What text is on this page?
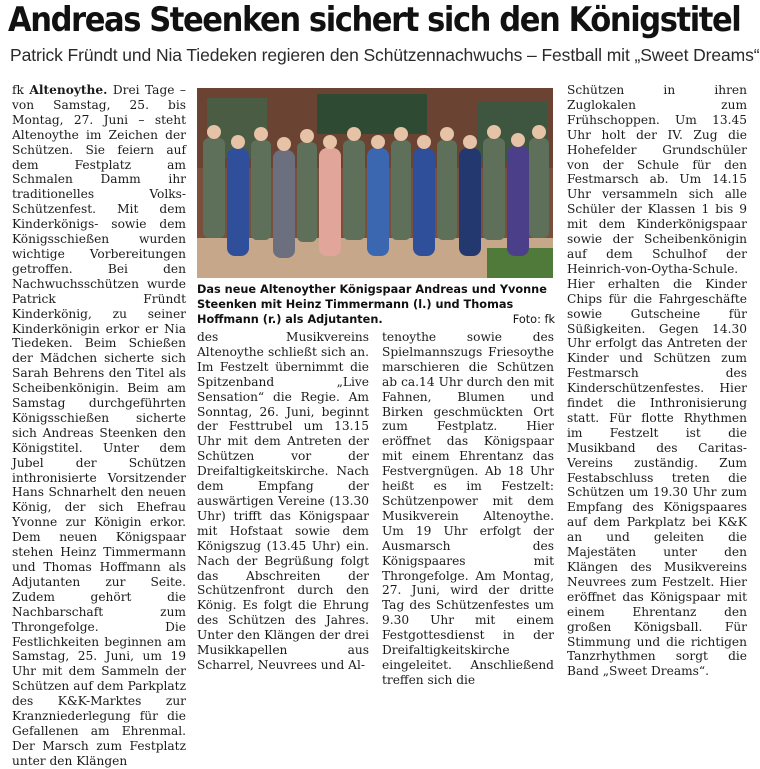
Andreas Steenken sichert sich den Königstitel
Patrick Fründt und Nia Tiedeken regieren den Schützennachwuchs – Festball mit „Sweet Dreams“

fk Altenoythe. Drei Tage – von Samstag, 25. bis Montag, 27. Juni – steht Altenoythe im Zeichen der Schützen. Sie feiern auf dem Festplatz am Schmalen Damm ihr traditionelles Volks-Schützenfest. Mit dem Kinderkönigs- sowie dem Königsschießen wurden wichtige Vorbereitungen getroffen. Bei den Nachwuchsschützen wurde Patrick Fründt Kinderkönig, zu seiner Kinderkönigin erkor er Nia Tiedeken. Beim Schießen der Mädchen sicherte sich Sarah Behrens den Titel als Scheibenkönigin. Beim am Samstag durchgeführten Königsschießen sicherte sich Andreas Steenken den Königstitel. Unter dem Jubel der Schützen inthronisierte Vorsitzender Hans Schnarhelt den neuen König, der sich Ehefrau Yvonne zur Königin erkor. Dem neuen Königspaar stehen Heinz Timmermann und Thomas Hoffmann als Adjutanten zur Seite. Zudem gehört die Nachbarschaft zum Throngefolge. Die Festlichkeiten beginnen am Samstag, 25. Juni, um 19 Uhr mit dem Sammeln der Schützen auf dem Parkplatz des K&K-Marktes zur Kranzniederlegung für die Gefallenen am Ehrenmal. Der Marsch zum Festplatz unter den Klängen

Das neue Altenoyther Königspaar Andreas und Yvonne Steenken mit Heinz Timmermann (l.) und Thomas Hoffmann (r.) als Adjutanten.	Foto: fk

des Musikvereins Altenoythe schließt sich an. Im Festzelt übernimmt die Spitzenband „Live Sensation“ die Regie. Am Sonntag, 26. Juni, beginnt der Festtrubel um 13.15 Uhr mit dem Antreten der Schützen vor der Dreifaltigkeitskirche. Nach dem Empfang der auswärtigen Vereine (13.30 Uhr) trifft das Königspaar mit Hofstaat sowie dem Königszug (13.45 Uhr) ein. Nach der Begrüßung folgt das Abschreiten der Schützenfront durch den König. Es folgt die Ehrung des Schützen des Jahres. Unter den Klängen der drei Musikkapellen aus Scharrel, Neuvrees und Al-

tenoythe sowie des Spielmannszugs Friesoythe marschieren die Schützen ab ca.14 Uhr durch den mit Fahnen, Blumen und Birken geschmückten Ort zum Festplatz. Hier eröffnet das Königspaar mit einem Ehrentanz das Festvergnügen. Ab 18 Uhr heißt es im Festzelt: Schützenpower mit dem Musikverein Altenoythe. Um 19 Uhr erfolgt der Ausmarsch des Königspaares mit Throngefolge. Am Montag, 27. Juni, wird der dritte Tag des Schützenfestes um 9.30 Uhr mit einem Festgottesdienst in der Dreifaltigkeitskirche eingeleitet. Anschließend treffen sich die

Schützen in ihren Zuglokalen zum Frühschoppen. Um 13.45 Uhr holt der IV. Zug die Hohefelder Grundschüler von der Schule für den Festmarsch ab. Um 14.15 Uhr versammeln sich alle Schüler der Klassen 1 bis 9 mit dem Kinderkönigspaar sowie der Scheibenkönigin auf dem Schulhof der Heinrich-von-Oytha-Schule. Hier erhalten die Kinder Chips für die Fahrgeschäfte sowie Gutscheine für Süßigkeiten. Gegen 14.30 Uhr erfolgt das Antreten der Kinder und Schützen zum Festmarsch des Kinderschützenfestes. Hier findet die Inthronisierung statt. Für flotte Rhythmen im Festzelt ist die Musikband des Caritas-Vereins zuständig. Zum Festabschluss treten die Schützen um 19.30 Uhr zum Empfang des Königspaares auf dem Parkplatz bei K&K an und geleiten die Majestäten unter den Klängen des Musikvereins Neuvrees zum Festzelt. Hier eröffnet das Königspaar mit einem Ehrentanz den großen Königsball. Für Stimmung und die richtigen Tanzrhythmen sorgt die Band „Sweet Dreams“.
